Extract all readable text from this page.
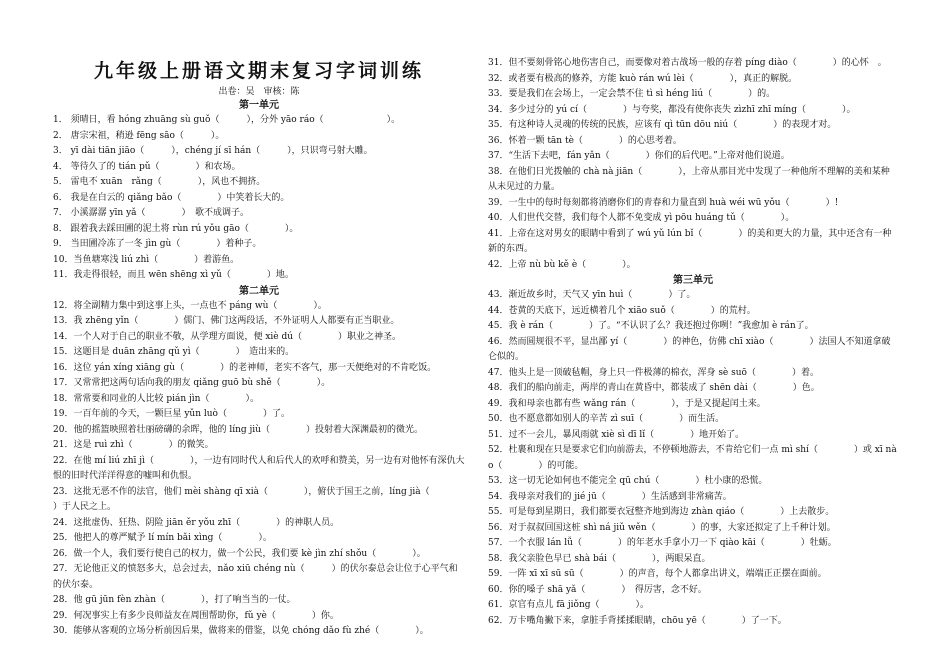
九年级上册语文期末复习字词训练
出卷：吴　审核：陈
第一单元
1． 须晴日，看 hóng zhuāng sù guǒ（　　　），分外 yāo ráo（　　　　　　　）。
2． 唐宗宋祖，稍逊 fēng sāo（　　　）。
3． yī dài tiān jiāo（　　　），chéng jí sī hán（　　　），只识弯弓射大雕。
4． 等待久了的 tián pǔ（　　　　）和农场。
5． 雷电不 xuān　rǎng（　　　　），风也不拥挤。
6． 我是在白云的 qiǎng bǎo（　　　　）中笑着长大的。
7． 小溪潺潺 yīn yǎ（　　　　）　歌不成调子。
8． 跟着我去踩田圃的泥土将 rùn rú yǒu gāo（　　　　）。
9． 当田圃冷冻了一冬 jìn gù（　　　　）着种子。
10．当鱼塘寒浅 liú zhì（　　　　）着游鱼。
11．我走得很轻，而且 wēn shēng xì yǔ（　　　　）地。
第二单元
12．将全副精力集中到这事上头，一点也不 páng wù（　　　　）。
13．我 zhēng yǐn（　　　　）儒门、佛门这两段话，不外证明人人都要有正当职业。
14．一个人对于自己的职业不敬，从学理方面说，便 xiè dú（　　　　）职业之神圣。
15．这题目是 duān zhāng qǔ yì（　　　　）　造出来的。
16．这位 yán xíng xiāng gù（　　　　）的老神师，老实不客气，那一天便绝对的不肯吃饭。
17．又常常把这两句话向我的朋友 qiǎng guō bù shě（　　　　）。
18．常常要和同业的人比较 pián jìn（　　　　）。
19．一百年前的今天，一颗巨星 yǔn luò（　　　　）了。
20．他的摇篮映照着壮丽磅礴的余晖，他的 líng jiù（　　　　）投射着大深渊最初的微光。
21．这是 ruì zhì（　　　　）的微笑。
22．在他 mí liú zhī jì（　　　　），一边有同时代人和后代人的欢呼和赞美，另一边有对他怀有深仇大恨的旧时代洋洋得意的嘘叫和仇恨。
23．这批无恶不作的法官，他们 mèi shàng qī xià（　　　　），俯伏于国王之前，líng jià（　　　　）于人民之上。
24．这批虚伪、狂热、阴险 jiān ěr yǒu zhī（　　　　）的神职人员。
25．他把人的尊严赋予 lí mín bǎi xìng（　　　　）。
26．做一个人，我们要行使自己的权力，做一个公民，我们要 kè jìn zhí shǒu（　　　　）。
27．无论他正义的愤怒多大，总会过去，nǎo xiū chéng nù（　　　）的伏尔泰总会让位于心平气和的伏尔泰。
28．他 gū jūn fèn zhàn（　　　　），打了响当当的一仗。
29．何况事实上有多少良师益友在周围帮助你，fǔ yè（　　　　）你。
30．能够从客观的立场分析前因后果，做将来的借鉴，以免 chóng dǎo fù zhé（　　　　）。
31．但不要刻骨铭心地伤害自己，而要像对着古战场一般的存着 píng diào（　　　　）的心怀　。
32．或者要有极高的修养，方能 kuò rán wú lèi（　　　　），真正的解脱。
33．要是我们在会场上，一定会禁不住 tì sì héng liú（　　　　）的。
34．多少过分的 yú cí（　　　　）与夸奖，都没有使你丧失 zìzhī zhī míng（　　　　）。
35．有这种诗人灵魂的传统的民族，应该有 qì tūn dōu niú（　　　　）的表现才对。
36．怀着一颗 tān tè（　　　　）的心思考着。
37．“生活下去吧，fán yǎn（　　　　）你们的后代吧。”上帝对他们说道。
38．在他们日光拨触的 chà nà jiān（　　　　），上帝从那目光中发现了一种他所不理解的美和某种从未见过的力量。
39．一生中的每时每刻都将消磨你们的青春和力量直到 huà wéi wū yǒu（　　　　）!
40．人们世代交替，我们每个人都不免变成 yì pōu huáng tǔ（　　　　）。
41．上帝在这对男女的眼睛中看到了 wú yǔ lún bǐ（　　　　）的美和更大的力量，其中还含有一种新的东西。
42．上帝 nù bù kě è（　　　　）。
第三单元
43．渐近故乡时，天气又 yīn huì（　　　　）了。
44．苍黄的天底下，远近横着几个 xiāo suǒ（　　　　）的荒村。
45．我 è rán（　　　　）了。“不认识了么？我还抱过你咧！”我愈加 è rán了。
46．然而圆规很不平，显出鄙 yí（　　　　）的神色，仿佛 chī xiào（　　　　）法国人不知道拿破仑似的。
47．他头上是一顶破毡帽，身上只一件极薄的棉衣，浑身 sè suō（　　　　）着。
48．我们的船向前走，两岸的青山在黄昏中，都装成了 shēn dài（　　　　）色。
49．我和母亲也都有些 wǎng rán（　　　　），于是又提起闰土来。
50．也不愿意都如别人的辛苦 zì suī（　　　　）而生活。
51．过不一会儿，暴风雨就 xiè sì dī lǐ（　　　　）地开始了。
52．杜裹和现在只是要求它们向前游去，不停顿地游去，不肯给它们一点 mì shí（　　　　）或 xī nào（　　　　）的可能。
53．这一切无论如何也不能完全 qū chú（　　　　）杜小康的恐慌。
54．我母亲对我们的 jié jū（　　　　）生活感到非常痛苦。
55．可是每到星期日，我们都要衣冠整齐地到海边 zhàn qiáo（　　　　）上去散步。
56．对于叔叔回国这桩 shì ná jiǔ wěn（　　　　）的事，大家还拟定了上千种计划。
57．一个衣服 lán lǚ（　　　　）的年老水手拿小刀一下 qiào kāi（　　　　）牡蛎。
58．我父亲脸色早已 shà bái（　　　　），两眼呆直。
59．一阵 xī xī sū sū（　　　　）的声音，每个人都拿出讲义，端端正正摆在面前。
60．你的嗓子 shā yǎ（　　　　）　得厉害，念不好。
61．京官有点儿 fā jiǒng（　　　　）。
62．万卡嘴角撇下来，拿脏手背揉揉眼睛，chōu yē（　　　　）了一下。
